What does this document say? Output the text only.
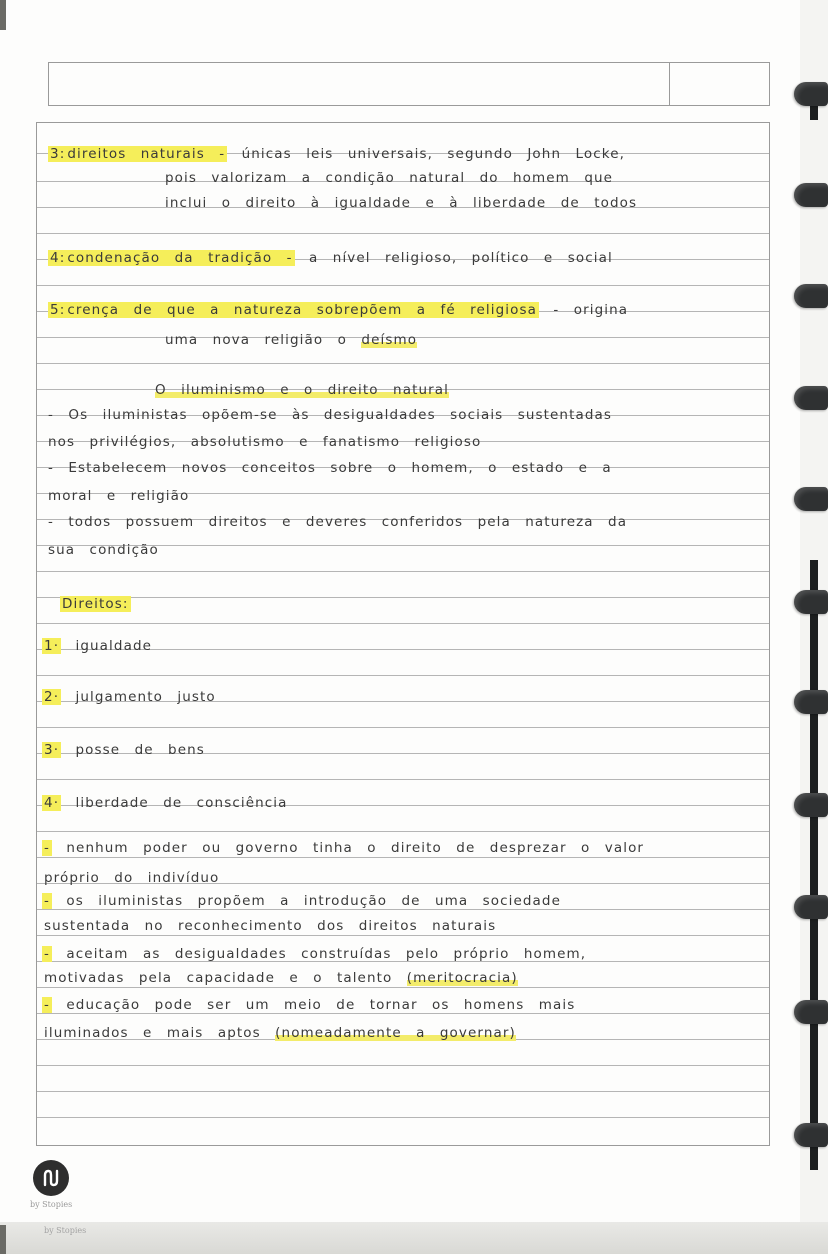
3: direitos naturais - únicas leis universais, segundo John Locke,
pois valorizam a condição natural do homem que
inclui o direito à igualdade e à liberdade de todos
4: condenação da tradição - a nível religioso, político e social
5: crença de que a natureza sobrepõem a fé religiosa - origina
uma nova religião o deísmo
O iluminismo e o direito natural
- Os iluministas opõem-se às desigualdades sociais sustentadas
nos privilégios, absolutismo e fanatismo religioso
- Estabelecem novos conceitos sobre o homem, o estado e a
moral e religião
- todos possuem direitos e deveres conferidos pela natureza da
sua condição
Direitos:
1· igualdade
2· julgamento justo
3· posse de bens
4· liberdade de consciência
- nenhum poder ou governo tinha o direito de desprezar o valor
próprio do indivíduo
- os iluministas propõem a introdução de uma sociedade
sustentada no reconhecimento dos direitos naturais
- aceitam as desigualdades construídas pelo próprio homem,
motivadas pela capacidade e o talento (meritocracia)
- educação pode ser um meio de tornar os homens mais
iluminados e mais aptos (nomeadamente a governar)
by Stopies
by Stopies
